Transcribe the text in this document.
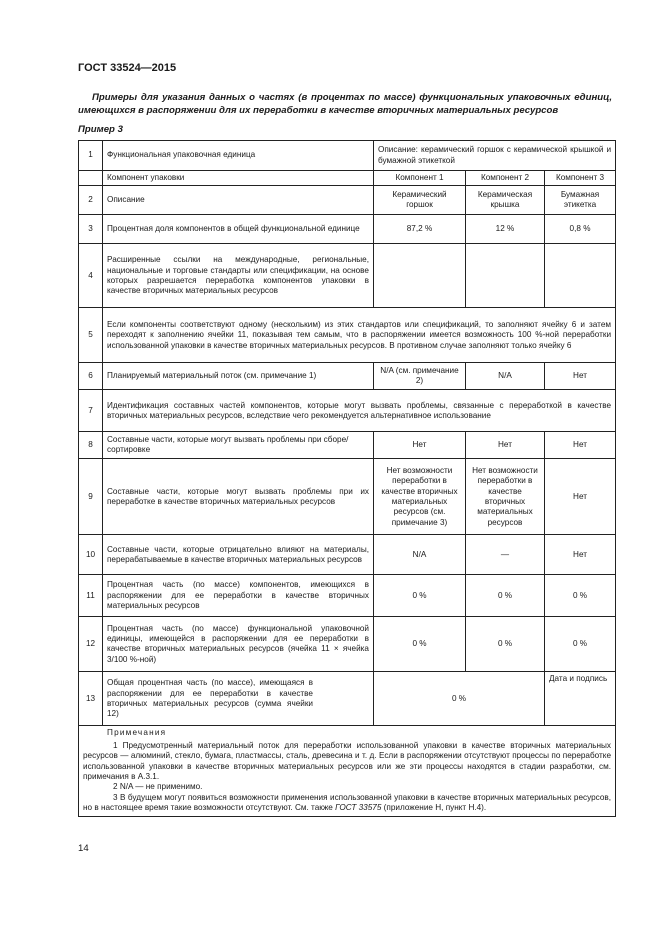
ГОСТ 33524—2015
Примеры для указания данных о частях (в процентах по массе) функциональных упаковочных единиц, имеющихся в распоряжении для их переработки в качестве вторичных материальных ресурсов
Пример 3
1	Функциональная упаковочная единица	Описание: керамический горшок с керамической крышкой и бумажной этикеткой		
	Компонент упаковки	Компонент 1	Компонент 2	Компонент 3
2	Описание	Керамический горшок	Керамическая крышка	Бумажная этикетка
3	Процентная доля компонентов в общей функциональной единице	87,2 %	12 %	0,8 %
4	Расширенные ссылки на международные, региональные, национальные и торговые стандарты или спецификации, на основе которых разрешается переработка компонентов упаковки в качестве вторичных материальных ресурсов			
5	Если компоненты соответствуют одному (нескольким) из этих стандартов или спецификаций, то заполняют ячейку 6 и затем переходят к заполнению ячейки 11, показывая тем самым, что в распоряжении имеется возможность 100 %-ной переработки использованной упаковки в качестве вторичных материальных ресурсов. В противном случае заполняют только ячейку 6			
6	Планируемый материальный поток (см. примечание 1)	N/A (см. примечание 2)	N/A	Нет
7	Идентификация составных частей компонентов, которые могут вызвать проблемы, связанные с переработкой в качестве вторичных материальных ресурсов, вследствие чего рекомендуется альтернативное использование			
8	Составные части, которые могут вызвать проблемы при сборе/сортировке	Нет	Нет	Нет
9	Составные части, которые могут вызвать проблемы при их переработке в качестве вторичных материальных ресурсов	Нет возможности переработки в качестве вторичных материальных ресурсов (см. примечание 3)	Нет возможности переработки в качестве вторичных материальных ресурсов	Нет
10	Составные части, которые отрицательно влияют на материалы, перерабатываемые в качестве вторичных материальных ресурсов	N/A	—	Нет
11	Процентная часть (по массе) компонентов, имеющихся в распоряжении для ее переработки в качестве вторичных материальных ресурсов	0 %	0 %	0 %
12	Процентная часть (по массе) функциональной упаковочной единицы, имеющейся в распоряжении для ее переработки в качестве вторичных материальных ресурсов (ячейка 11 × ячейка 3/100 %-ной)	0 %	0 %	0 %
13	Общая процентная часть (по массе), имеющаяся в распоряжении для ее переработки в качестве вторичных материальных ресурсов (сумма ячейки 12)	0 %		Дата и подпись

Примечания
1 Предусмотренный материальный поток для переработки использованной упаковки в качестве вторичных материальных ресурсов — алюминий, стекло, бумага, пластмассы, сталь, древесина и т. д. Если в распоряжении отсутствуют процессы по переработке использованной упаковки в качестве вторичных материальных ресурсов или же эти процессы находятся в стадии разработки, см. примечания в А.3.1.
2 N/A — не применимо.
3 В будущем могут появиться возможности применения использованной упаковки в качестве вторичных материальных ресурсов, но в настоящее время такие возможности отсутствуют. См. также ГОСТ 33575 (приложение Н, пункт Н.4).				
14
